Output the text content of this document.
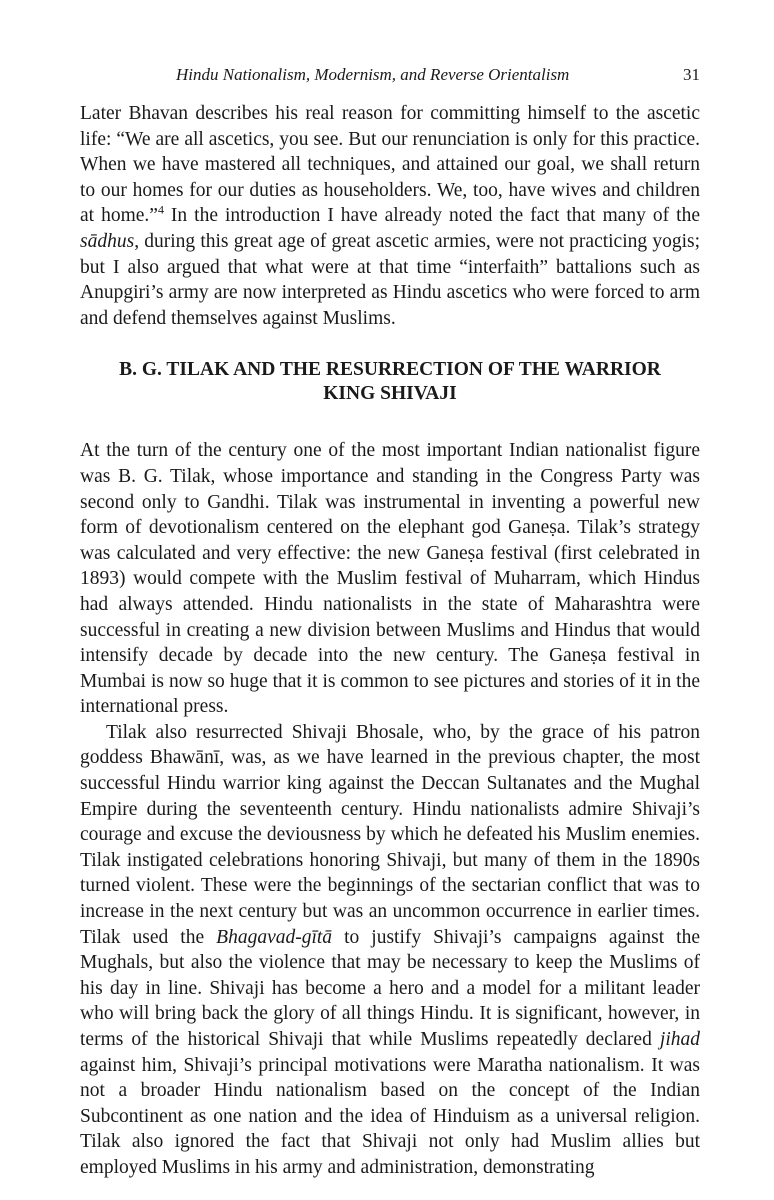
Hindu Nationalism, Modernism, and Reverse Orientalism	31

Later Bhavan describes his real reason for committing himself to the ascetic life: “We are all ascetics, you see. But our renunciation is only for this practice. When we have mastered all techniques, and attained our goal, we shall return to our homes for our duties as householders. We, too, have wives and children at home.”$^4$ In the introduction I have already noted the fact that many of the sādhus, during this great age of great ascetic armies, were not practicing yogis; but I also argued that what were at that time “interfaith” battalions such as Anupgiri’s army are now interpreted as Hindu ascetics who were forced to arm and defend themselves against Muslims.

B. G. TILAK AND THE RESURRECTION OF THE WARRIOR
KING SHIVAJI

At the turn of the century one of the most important Indian nationalist figure was B. G. Tilak, whose importance and standing in the Congress Party was second only to Gandhi. Tilak was instrumental in inventing a powerful new form of devotionalism centered on the elephant god Ganeṣa. Tilak’s strategy was calculated and very effective: the new Ganeṣa festival (first celebrated in 1893) would compete with the Muslim festival of Muharram, which Hindus had always attended. Hindu nationalists in the state of Maharashtra were successful in creating a new division between Muslims and Hindus that would intensify decade by decade into the new century. The Ganeṣa festival in Mumbai is now so huge that it is common to see pictures and stories of it in the international press.

Tilak also resurrected Shivaji Bhosale, who, by the grace of his patron goddess Bhawānī, was, as we have learned in the previous chapter, the most successful Hindu warrior king against the Deccan Sultanates and the Mughal Empire during the seventeenth century. Hindu nationalists admire Shivaji’s courage and excuse the deviousness by which he defeated his Muslim enemies. Tilak instigated celebrations honoring Shivaji, but many of them in the 1890s turned violent. These were the beginnings of the sectarian conflict that was to increase in the next century but was an uncommon occurrence in earlier times. Tilak used the Bhagavad-gītā to justify Shivaji’s campaigns against the Mughals, but also the violence that may be necessary to keep the Muslims of his day in line. Shivaji has become a hero and a model for a militant leader who will bring back the glory of all things Hindu. It is significant, however, in terms of the historical Shivaji that while Muslims repeatedly declared jihad against him, Shivaji’s principal motivations were Maratha nationalism. It was not a broader Hindu nationalism based on the concept of the Indian Subcontinent as one nation and the idea of Hinduism as a universal religion. Tilak also ignored the fact that Shivaji not only had Muslim allies but employed Muslims in his army and administration, demonstrating
